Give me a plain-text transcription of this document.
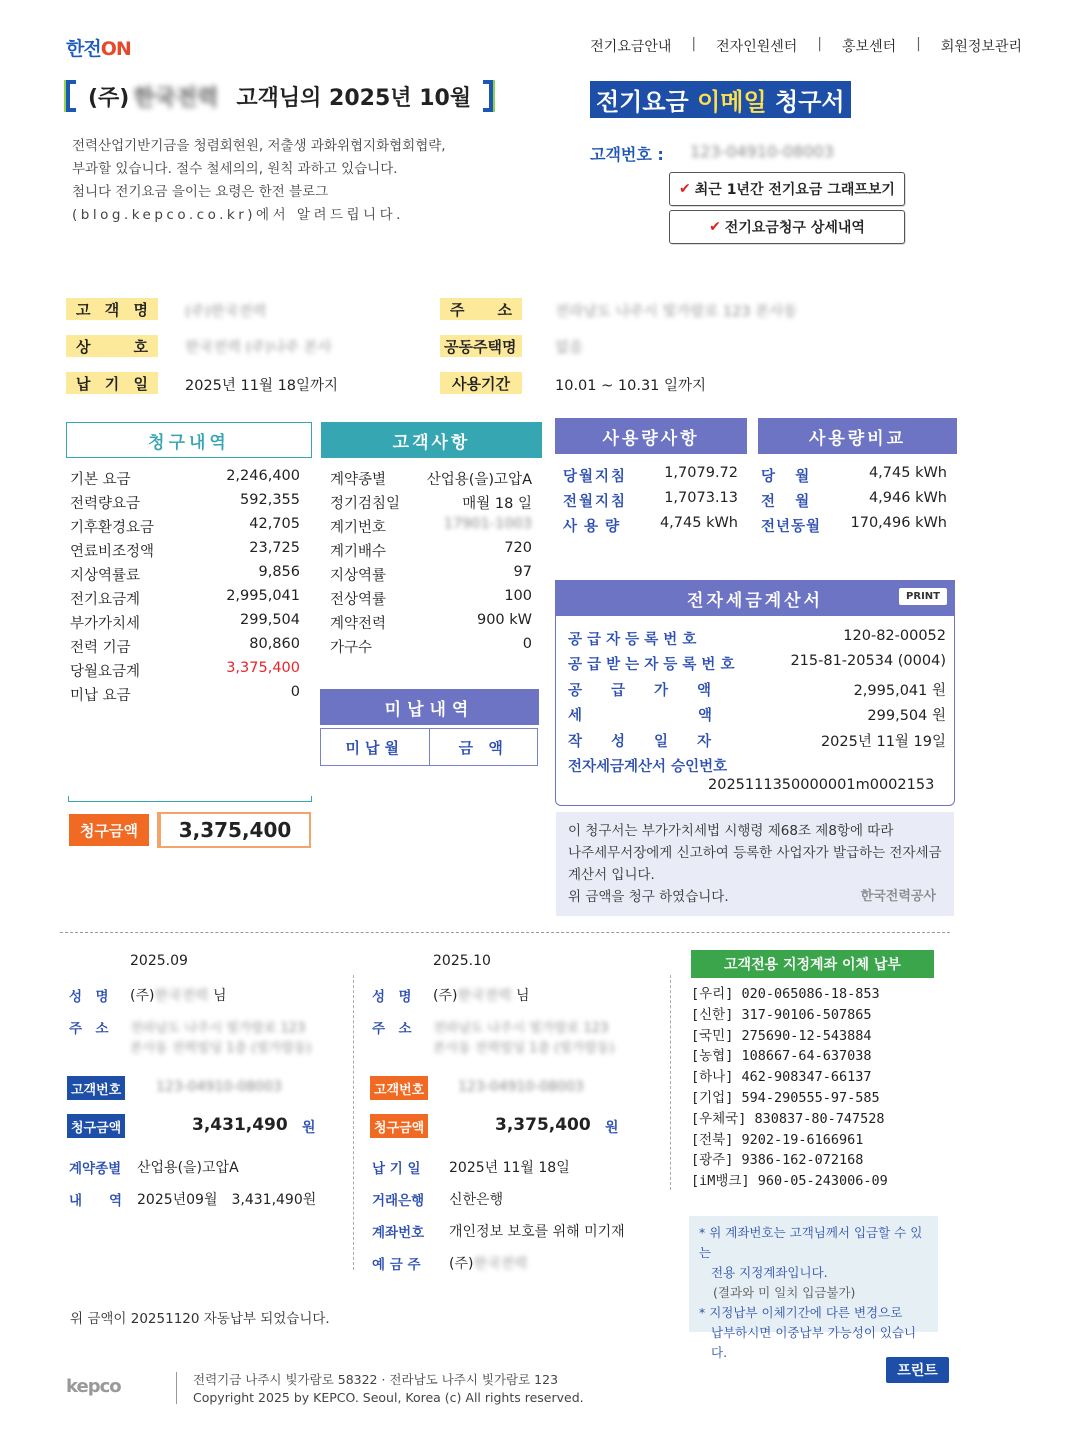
한전ON	전기요금안내	|	전자인원센터	|	홍보센터	|	회원정보관리
(주) 한국전력 고객님의 2025년 10월	전기요금 이메일 청구서
전력산업기반기금을 청렴회현원, 저출생 과화위협지화협회협략,
부과할 있습니다. 절수 철세의의, 원칙 과하고 있습니다.
첨니다 전기요금 을이는 요령은 한전 블로그
(blog.kepco.co.kr)에서 알려드립니다.
고객번호 : 123-04910-08003
✔ 최근 1년간 전기요금 그래프보기
✔ 전기요금청구 상세내역
고 객 명	(주)한국전력
상	호	한국전력 (주)나주 본사
납 기 일	2025년 11월 18일까지
주 소	전라남도 나주시 빛가람로 123 본사동
공동주택명	없음
사용기간	10.01 ~ 10.31 일까지
청구내역
기본 요금	2,246,400
전력량요금	592,355
기후환경요금	42,705
연료비조정액	23,725
지상역률료	9,856
전기요금계	2,995,041
부가가치세	299,504
전력 기금	80,860
당월요금계	3,375,400
미납 요금	0
청구금액	3,375,400
고객사항
계약종별	산업용(을)고압A
정기검침일	매월 18 일
계기번호	17901-1003
계기배수	720
지상역률	97
전상역률	100
계약전력	900 kW
가구수	0
미납내역
미납월	금 액
사용량사항
당월지침	1,7079.72
전월지침	1,7073.13
사 용 량	4,745 kWh
사용량비교
당    월	4,745 kWh
전    월	4,946 kWh
전년동월 170,496 kWh
전자세금계산서	PRINT
공 급 자 등 록 번 호	120-82-00052
공 급 받 는 자 등 록 번 호	215-81-20534 (0004)
공　　급　　가　　액	2,995,041 원
세　　　　　　　　액	299,504 원
작　　성　　일　　자	2025년 11월 19일
전자세금계산서 승인번호
2025111350000001m0002153
이 청구서는 부가가치세법 시행령 제68조 제8항에 따라
나주세무서장에게 신고하여 등록한 사업자가 발급하는 전자세금
계산서 입니다.
위 금액을 청구 하였습니다.	한국전력공사
2025.09
성　명 (주)한국전력 님
주　소 전라남도 나주시 빛가람로 123
본사동 전력빌딩 1층 (빛가람동)
고객번호 123-04910-08003
청구금액	3,431,490 원
계약종별 산업용(을)고압A
내　　역 2025년09월　3,431,490원
2025.10
성　명 (주)한국전력 님
주　소 전라남도 나주시 빛가람로 123
본사동 전력빌딩 1층 (빛가람동)
고객번호 123-04910-08003
청구금액	3,375,400 원
납 기 일 2025년 11월 18일
거래은행 신한은행
계좌번호 개인정보 보호를 위해 미기재
예 금 주 (주)한국전력
고객전용 지정계좌 이체 납부
[우리] 020-065086-18-853
[신한] 317-90106-507865
[국민] 275690-12-543884
[농협] 108667-64-637038
[하나] 462-908347-66137
[기업] 594-290555-97-585
[우체국] 830837-80-747528
[전북] 9202-19-6166961
[광주] 9386-162-072168
[iM뱅크] 960-05-243006-09
* 위 계좌번호는 고객님께서 입금할 수 있는
전용 지정계좌입니다.
(결과와 미 일치 입금불가)
* 지정납부 이체기간에 다른 변경으로
납부하시면 이중납부 가능성이 있습니다.
위 금액이 20251120 자동납부 되었습니다.
kepco	전력기금 나주시 빛가람로 58322 · 전라남도 나주시 빛가람로 123
Copyright 2025 by KEPCO. Seoul, Korea (c) All rights reserved.
프린트
